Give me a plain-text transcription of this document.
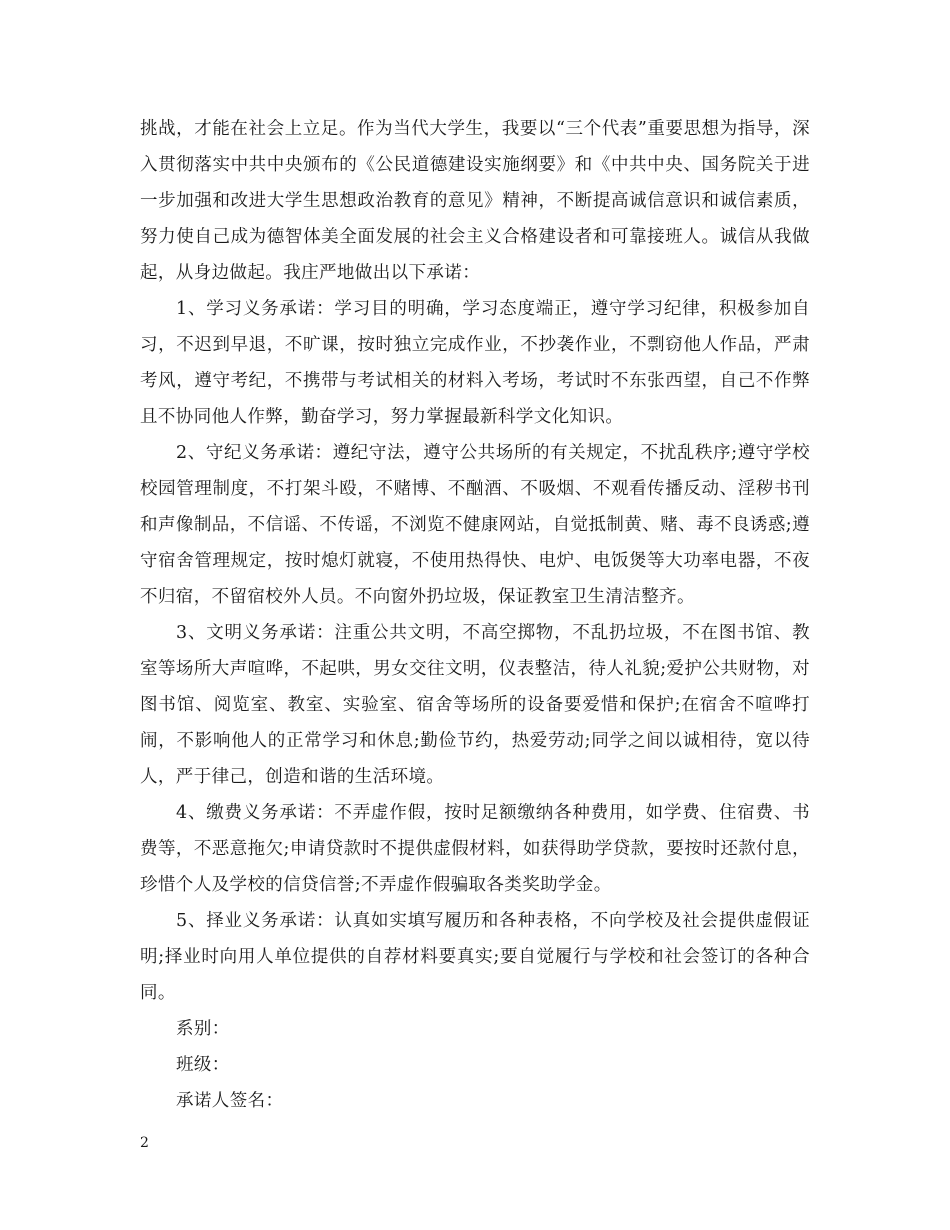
挑战，才能在社会上立足。作为当代大学生，我要以“三个代表”重要思想为指导，深入贯彻落实中共中央颁布的《公民道德建设实施纲要》和《中共中央、国务院关于进一步加强和改进大学生思想政治教育的意见》精神，不断提高诚信意识和诚信素质，努力使自己成为德智体美全面发展的社会主义合格建设者和可靠接班人。诚信从我做起，从身边做起。我庄严地做出以下承诺：

1、学习义务承诺：学习目的明确，学习态度端正，遵守学习纪律，积极参加自习，不迟到早退，不旷课，按时独立完成作业，不抄袭作业，不剽窃他人作品，严肃考风，遵守考纪，不携带与考试相关的材料入考场，考试时不东张西望，自己不作弊且不协同他人作弊，勤奋学习，努力掌握最新科学文化知识。

2、守纪义务承诺：遵纪守法，遵守公共场所的有关规定，不扰乱秩序;遵守学校校园管理制度，不打架斗殴，不赌博、不酗酒、不吸烟、不观看传播反动、淫秽书刊和声像制品，不信谣、不传谣，不浏览不健康网站，自觉抵制黄、赌、毒不良诱惑;遵守宿舍管理规定，按时熄灯就寝，不使用热得快、电炉、电饭煲等大功率电器，不夜不归宿，不留宿校外人员。不向窗外扔垃圾，保证教室卫生清洁整齐。

3、文明义务承诺：注重公共文明，不高空掷物，不乱扔垃圾，不在图书馆、教室等场所大声喧哗，不起哄，男女交往文明，仪表整洁，待人礼貌;爱护公共财物，对图书馆、阅览室、教室、实验室、宿舍等场所的设备要爱惜和保护;在宿舍不喧哗打闹，不影响他人的正常学习和休息;勤俭节约，热爱劳动;同学之间以诚相待，宽以待人，严于律己，创造和谐的生活环境。

4、缴费义务承诺：不弄虚作假，按时足额缴纳各种费用，如学费、住宿费、书费等，不恶意拖欠;申请贷款时不提供虚假材料，如获得助学贷款，要按时还款付息，珍惜个人及学校的信贷信誉;不弄虚作假骗取各类奖助学金。

5、择业义务承诺：认真如实填写履历和各种表格，不向学校及社会提供虚假证明;择业时向用人单位提供的自荐材料要真实;要自觉履行与学校和社会签订的各种合同。

系别：

班级：

承诺人签名：

2
